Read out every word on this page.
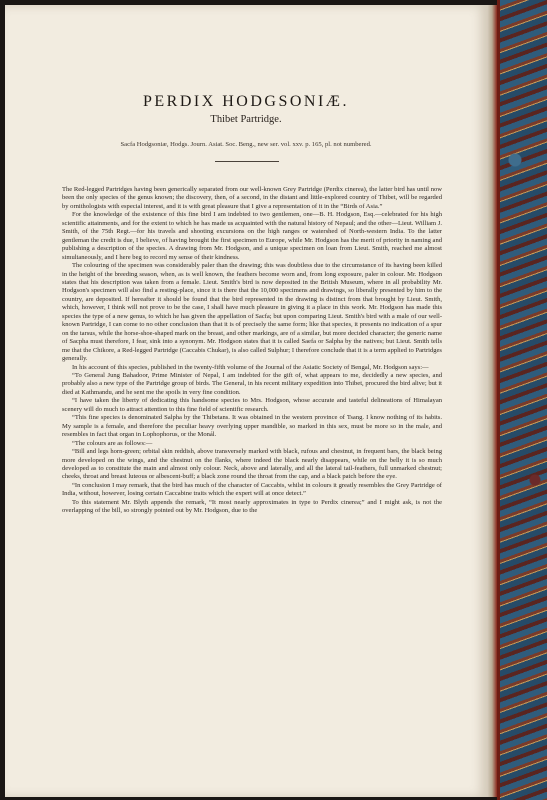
PERDIX HODGSONIÆ.
Thibet Partridge.
Sacfa Hodgsoniæ, Hodgs. Journ. Asiat. Soc. Beng., new ser. vol. xxv. p. 165, pl. not numbered.

The Red-legged Partridges having been generically separated from our well-known Grey Partridge (Perdix cinerea), the latter bird has until now been the only species of the genus known; the discovery, then, of a second, in the distant and little-explored country of Thibet, will be regarded by ornithologists with especial interest, and it is with great pleasure that I give a representation of it in the “Birds of Asia.”

For the knowledge of the existence of this fine bird I am indebted to two gentlemen, one—B. H. Hodgson, Esq.—celebrated for his high scientific attainments, and for the extent to which he has made us acquainted with the natural history of Nepaul; and the other—Lieut. William J. Smith, of the 75th Regt.—for his travels and shooting excursions on the high ranges or watershed of North-western India. To the latter gentleman the credit is due, I believe, of having brought the first specimen to Europe, while Mr. Hodgson has the merit of priority in naming and publishing a description of the species. A drawing from Mr. Hodgson, and a unique specimen on loan from Lieut. Smith, reached me almost simultaneously, and I here beg to record my sense of their kindness.

The colouring of the specimen was considerably paler than the drawing; this was doubtless due to the circumstance of its having been killed in the height of the breeding season, when, as is well known, the feathers become worn and, from long exposure, paler in colour. Mr. Hodgson states that his description was taken from a female. Lieut. Smith's bird is now deposited in the British Museum, where in all probability Mr. Hodgson's specimen will also find a resting-place, since it is there that the 10,000 specimens and drawings, so liberally presented by him to the country, are deposited. If hereafter it should be found that the bird represented in the drawing is distinct from that brought by Lieut. Smith, which, however, I think will not prove to be the case, I shall have much pleasure in giving it a place in this work. Mr. Hodgson has made this species the type of a new genus, to which he has given the appellation of Sacfa; but upon comparing Lieut. Smith's bird with a male of our well-known Partridge, I can come to no other conclusion than that it is of precisely the same form; like that species, it presents no indication of a spur on the tarsus, while the horse-shoe-shaped mark on the breast, and other markings, are of a similar, but more decided character; the generic name of Sacpha must therefore, I fear, sink into a synonym. Mr. Hodgson states that it is called Saefa or Salpha by the natives; but Lieut. Smith tells me that the Chikore, a Red-legged Partridge (Caccabis Chukar), is also called Sulphur; I therefore conclude that it is a term applied to Partridges generally.

In his account of this species, published in the twenty-fifth volume of the Journal of the Asiatic Society of Bengal, Mr. Hodgson says:—

“To General Jung Bahadoor, Prime Minister of Nepal, I am indebted for the gift of, what appears to me, decidedly a new species, and probably also a new type of the Partridge group of birds. The General, in his recent military expedition into Thibet, procured the bird alive; but it died at Kathmandu, and he sent me the spoils in very fine condition.

“I have taken the liberty of dedicating this handsome species to Mrs. Hodgson, whose accurate and tasteful delineations of Himalayan scenery will do much to attract attention to this fine field of scientific research.

“This fine species is denominated Salpha by the Thibetans. It was obtained in the western province of Tsang. I know nothing of its habits. My sample is a female, and therefore the peculiar heavy overlying upper mandible, so marked in this sex, must be more so in the male, and resembles in fact that organ in Lophophorus, or the Monál.

“The colours are as follows:—

“Bill and legs horn-green; orbital skin reddish, above transversely marked with black, rufous and chestnut, in frequent bars, the black being more developed on the wings, and the chestnut on the flanks, where indeed the black nearly disappears, while on the belly it is so much developed as to constitute the main and almost only colour. Neck, above and laterally, and all the lateral tail-feathers, full unmarked chestnut; cheeks, throat and breast luteous or albescent-buff; a black zone round the throat from the cap, and a black patch before the eye.

“In conclusion I may remark, that the bird has much of the character of Caccabis, whilst in colours it greatly resembles the Grey Partridge of India, without, however, losing certain Caccabine traits which the expert will at once detect.”

To this statement Mr. Blyth appends the remark, “It most nearly approximates in type to Perdix cinerea;” and I might ask, is not the overlapping of the bill, so strongly pointed out by Mr. Hodgson, due to the
